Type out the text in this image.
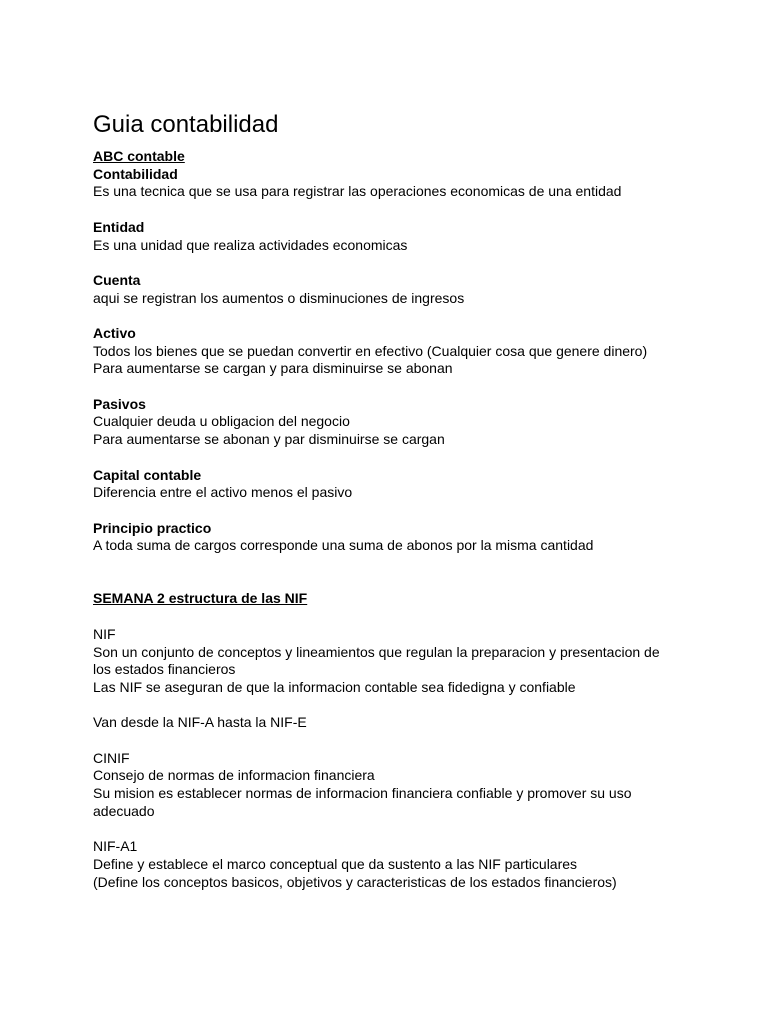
Guia contabilidad
ABC contable
Contabilidad
Es una tecnica que se usa para registrar las operaciones economicas de una entidad
Entidad
Es una unidad que realiza actividades economicas
Cuenta
aqui se registran los aumentos o disminuciones de ingresos
Activo
Todos los bienes que se puedan convertir en efectivo (Cualquier cosa que genere dinero)
Para aumentarse se cargan y para disminuirse se abonan
Pasivos
Cualquier deuda u obligacion del negocio
Para aumentarse se abonan y par disminuirse se cargan
Capital contable
Diferencia entre el activo menos el pasivo
Principio practico
A toda suma de cargos corresponde una suma de abonos por la misma cantidad
SEMANA 2 estructura de las NIF
NIF
Son un conjunto de conceptos y lineamientos que regulan la preparacion y presentacion de los estados financieros
Las NIF se aseguran de que la informacion contable sea fidedigna y confiable
Van desde la NIF-A hasta la NIF-E
CINIF
Consejo de normas de informacion financiera
Su mision es establecer normas de informacion financiera confiable y promover su uso adecuado
NIF-A1
Define y establece el marco conceptual que da sustento a las NIF particulares
(Define los conceptos basicos, objetivos y caracteristicas de los estados financieros)
